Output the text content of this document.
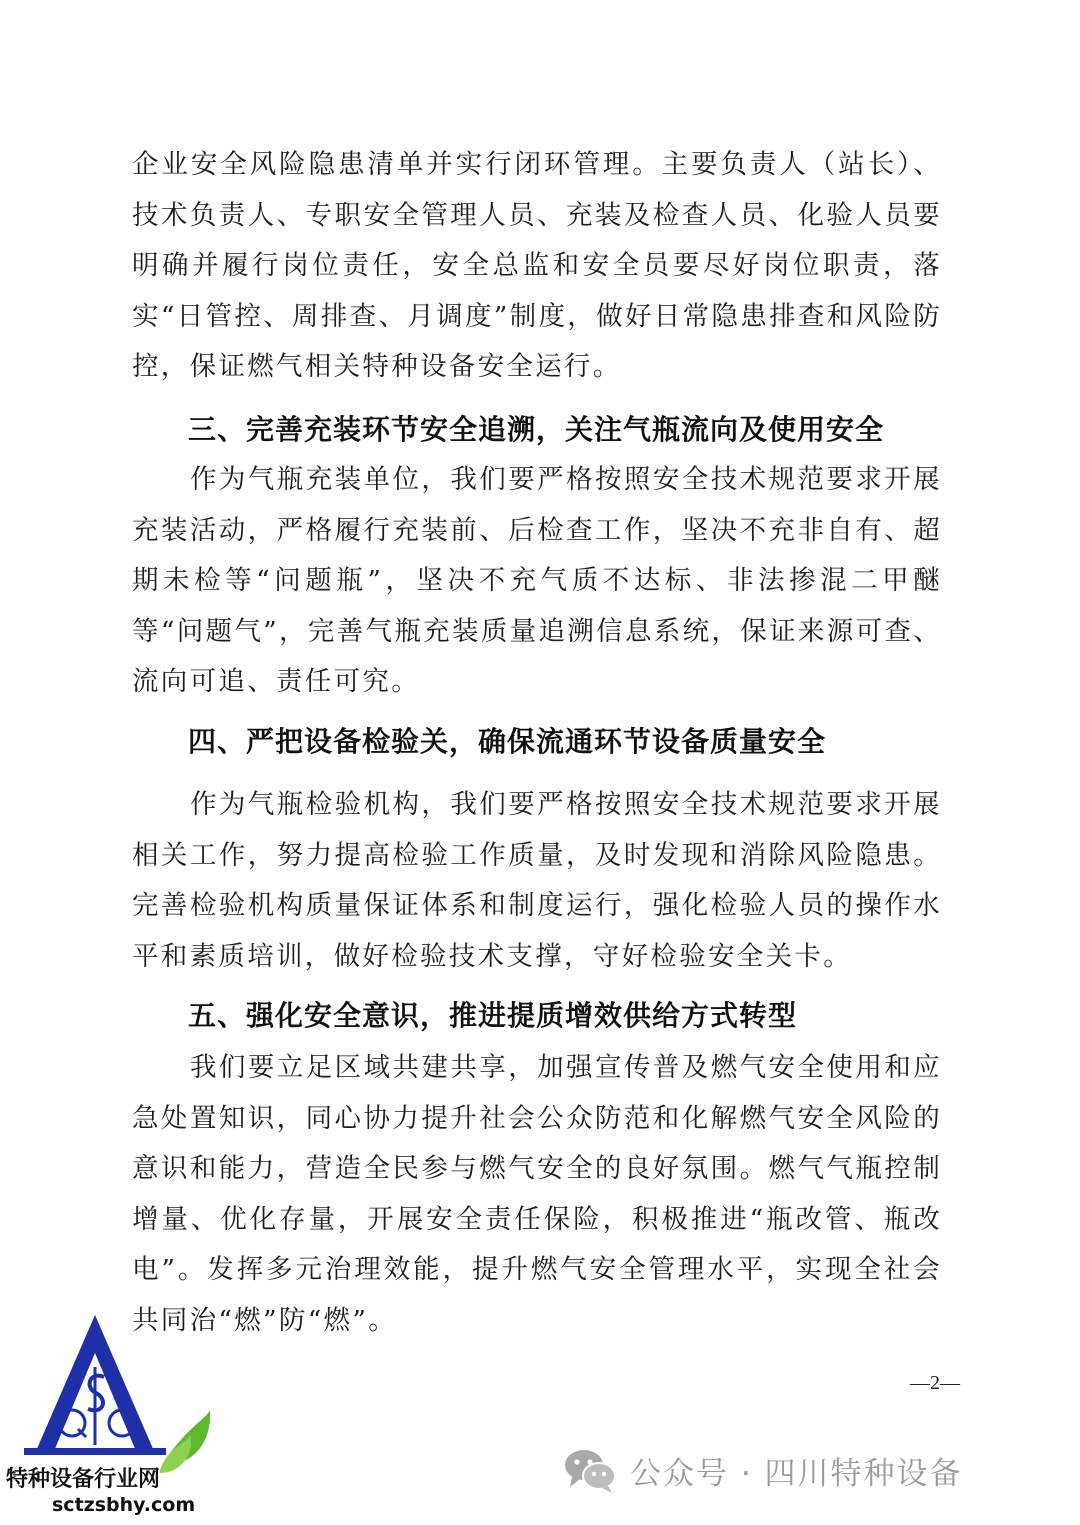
企业安全风险隐患清单并实行闭环管理。主要负责人（站长）、技术负责人、专职安全管理人员、充装及检查人员、化验人员要明确并履行岗位责任，安全总监和安全员要尽好岗位职责，落实“日管控、周排查、月调度”制度，做好日常隐患排查和风险防控，保证燃气相关特种设备安全运行。

三、完善充装环节安全追溯，关注气瓶流向及使用安全

作为气瓶充装单位，我们要严格按照安全技术规范要求开展充装活动，严格履行充装前、后检查工作，坚决不充非自有、超期未检等“问题瓶”，坚决不充气质不达标、非法掺混二甲醚等“问题气”，完善气瓶充装质量追溯信息系统，保证来源可查、流向可追、责任可究。

四、严把设备检验关，确保流通环节设备质量安全

作为气瓶检验机构，我们要严格按照安全技术规范要求开展相关工作，努力提高检验工作质量，及时发现和消除风险隐患。完善检验机构质量保证体系和制度运行，强化检验人员的操作水平和素质培训，做好检验技术支撑，守好检验安全关卡。

五、强化安全意识，推进提质增效供给方式转型

我们要立足区域共建共享，加强宣传普及燃气安全使用和应急处置知识，同心协力提升社会公众防范和化解燃气安全风险的意识和能力，营造全民参与燃气安全的良好氛围。燃气气瓶控制增量、优化存量，开展安全责任保险，积极推进“瓶改管、瓶改电”。发挥多元治理效能，提升燃气安全管理水平，实现全社会共同治“燃”防“燃”。

—2—
特种设备行业网
sctzsbhy.com
公众号 · 四川特种设备
